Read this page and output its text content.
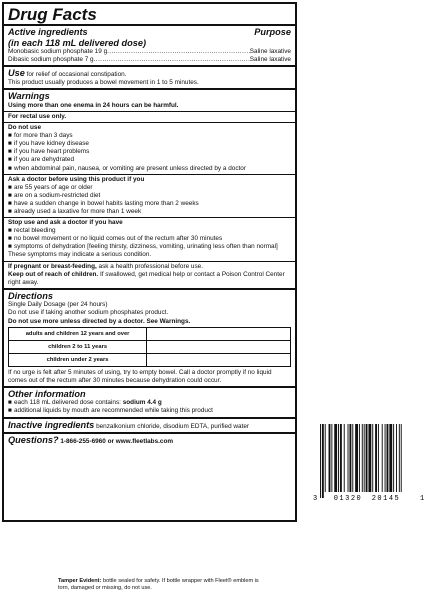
Drug Facts
Active ingredients	Purpose
(in each 118 mL delivered dose)
Monobasic sodium phosphate 19 g .....	Saline laxative
Dibasic sodium phosphate 7 g .....	Saline laxative
Use for relief of occasional constipation.
This product usually produces a bowel movement in 1 to 5 minutes.
Warnings
Using more than one enema in 24 hours can be harmful.
For rectal use only.
Do not use
■ for more than 3 days
■ if you have kidney disease
■ if you have heart problems
■ if you are dehydrated
■ when abdominal pain, nausea, or vomiting are present unless directed by a doctor
Ask a doctor before using this product if you
■ are 55 years of age or older
■ are on a sodium-restricted diet
■ have a sudden change in bowel habits lasting more than 2 weeks
■ already used a laxative for more than 1 week
Stop use and ask a doctor if you have
■ rectal bleeding
■ no bowel movement or no liquid comes out of the rectum after 30 minutes
■ symptoms of dehydration [feeling thirsty, dizziness, vomiting, urinating less often than normal]
These symptoms may indicate a serious condition.
If pregnant or breast-feeding, ask a health professional before use.
Keep out of reach of children. If swallowed, get medical help or contact a Poison Control Center right away.
Directions
Single Daily Dosage (per 24 hours)
Do not use if taking another sodium phosphates product.
Do not use more unless directed by a doctor. See Warnings.
adults and children 12 years and over	
children 2 to 11 years	
children under 2 years	
If no urge is felt after 5 minutes of using, try to empty bowel. Call a doctor promptly if no liquid comes out of the rectum after 30 minutes because dehydration could occur.
Other information
■ each 118 mL delivered dose contains: sodium 4.4 g
■ additional liquids by mouth are recommended while taking this product
Inactive ingredients benzalkonium chloride, disodium EDTA, purified water
Questions? 1-866-255-6960 or www.fleetlabs.com
3 01320 20145	1
Tamper Evident: bottle sealed for safety. If bottle wrapper with Fleet® emblem is torn, damaged or missing, do not use.
